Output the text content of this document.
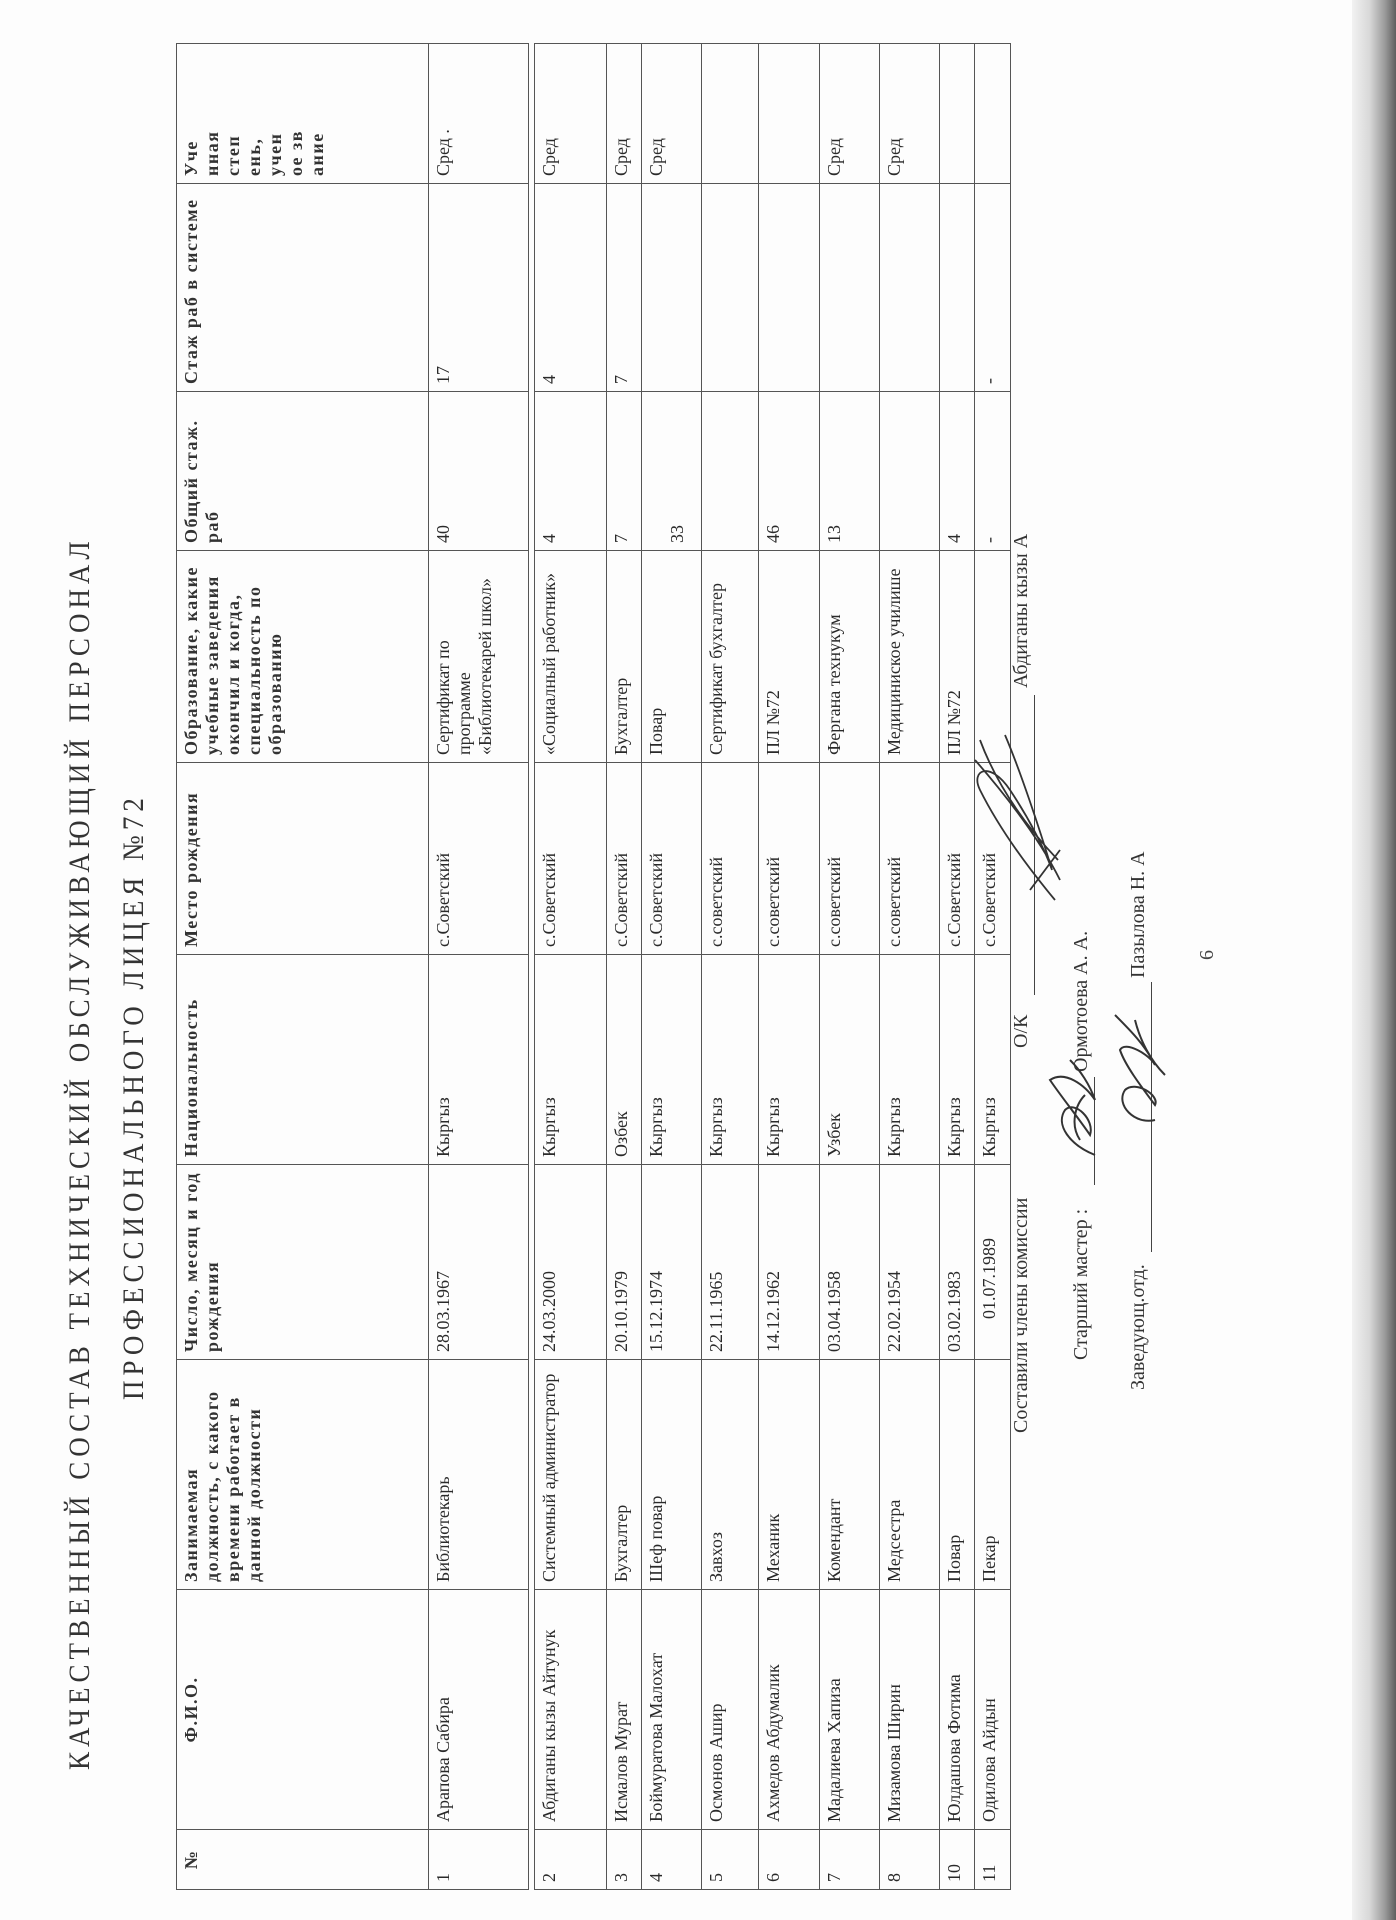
КАЧЕСТВЕННЫЙ СОСТАВ ТЕХНИЧЕСКИЙ ОБСЛУЖИВАЮЩИЙ ПЕРСОНАЛ ПРОФЕССИОНАЛЬНОГО ЛИЦЕЯ №72
№	Ф.И.О.	Занимаемая должность, с какого времени работает в данной должности	Число, месяц и год рождения	Национальность	Место рождения	Образование, какие учебные заведения окончил и когда, специальность по образованию	Общий стаж. раб	Стаж раб в системе	Ученная степень, ученое звание

1	Арапова Сабира	Библиотекарь	28.03.1967	Кыргыз	с.Советский	Сертификат по программе «Библиотекарей школ»	40	17	Сред .
2	Абдиганы кызы Айтунук	Системный администратор	24.03.2000	Кыргыз	с.Советский	«Социалный работник»	4	4	Сред
3	Исмалов Мурат	Бухгалтер	20.10.1979	Озбек	с.Советский	Бухгалтер	7	7	Сред
4	Боймуратова Малохат	Шеф повар	15.12.1974	Кыргыз	с.Советский	Повар	33		Сред
5	Осмонов Ашир	Завхоз	22.11.1965	Кыргыз	с.советский	Сертификат бухгалтер			
6	Ахмедов Абдумалик	Механик	14.12.1962	Кыргыз	с.советский	ПЛ №72	46		
7	Мадалиева Хапиза	Комендант	03.04.1958	Узбек	с.советский	Фергана технукум	13		Сред
8	Мизамова Ширин	Медсестра	22.02.1954	Кыргыз	с.советский	Медициниское училише			Сред
10	Юлдашова Фотима	Повар	03.02.1983	Кыргыз	с.Советский	ПЛ №72	4		
11	Одилова Айдын	Пекар	01.07.1989	Кыргыз	с.Советский		-	-	
Составили члены комиссии
О/К
Абдиганы кызы А
Старший мастер :
Ормотоева А. А.
Заведующ.отд.
Пазылова Н. А 6
